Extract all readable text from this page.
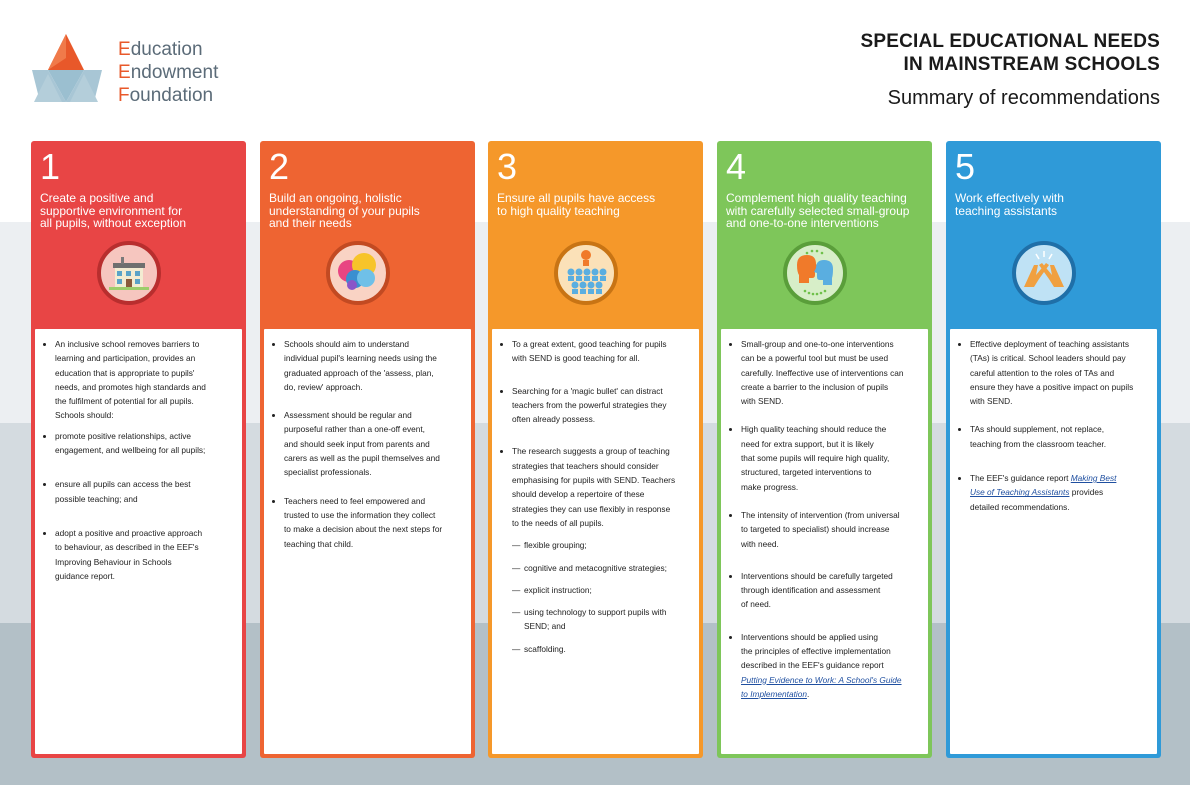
Education
Endowment
Foundation
SPECIAL EDUCATIONAL NEEDS
IN MAINSTREAM SCHOOLS
Summary of recommendations
1
Create a positive and
supportive environment for
all pupils, without exception
• An inclusive school removes barriers to
learning and participation, provides an
education that is appropriate to pupils'
needs, and promotes high standards and
the fulfilment of potential for all pupils.
Schools should:
• promote positive relationships, active
engagement, and wellbeing for all pupils;
• ensure all pupils can access the best
possible teaching; and
• adopt a positive and proactive approach
to behaviour, as described in the EEF's
Improving Behaviour in Schools
guidance report.
2
Build an ongoing, holistic
understanding of your pupils
and their needs
• Schools should aim to understand
individual pupil's learning needs using the
graduated approach of the 'assess, plan,
do, review' approach.
• Assessment should be regular and
purposeful rather than a one-off event,
and should seek input from parents and
carers as well as the pupil themselves and
specialist professionals.
• Teachers need to feel empowered and
trusted to use the information they collect
to make a decision about the next steps for
teaching that child.
3
Ensure all pupils have access
to high quality teaching
• To a great extent, good teaching for pupils
with SEND is good teaching for all.
• Searching for a 'magic bullet' can distract
teachers from the powerful strategies they
often already possess.
• The research suggests a group of teaching
strategies that teachers should consider
emphasising for pupils with SEND. Teachers
should develop a repertoire of these
strategies they can use flexibly in response
to the needs of all pupils.
— flexible grouping;
— cognitive and metacognitive strategies;
— explicit instruction;
— using technology to support pupils with
SEND; and
— scaffolding.
4
Complement high quality teaching
with carefully selected small-group
and one-to-one interventions
• Small-group and one-to-one interventions
can be a powerful tool but must be used
carefully. Ineffective use of interventions can
create a barrier to the inclusion of pupils
with SEND.
• High quality teaching should reduce the
need for extra support, but it is likely
that some pupils will require high quality,
structured, targeted interventions to
make progress.
• The intensity of intervention (from universal
to targeted to specialist) should increase
with need.
• Interventions should be carefully targeted
through identification and assessment
of need.
• Interventions should be applied using
the principles of effective implementation
described in the EEF's guidance report
Putting Evidence to Work: A School's Guide
to Implementation.
5
Work effectively with
teaching assistants
• Effective deployment of teaching assistants
(TAs) is critical. School leaders should pay
careful attention to the roles of TAs and
ensure they have a positive impact on pupils
with SEND.
• TAs should supplement, not replace,
teaching from the classroom teacher.
• The EEF's guidance report Making Best
Use of Teaching Assistants provides
detailed recommendations.
